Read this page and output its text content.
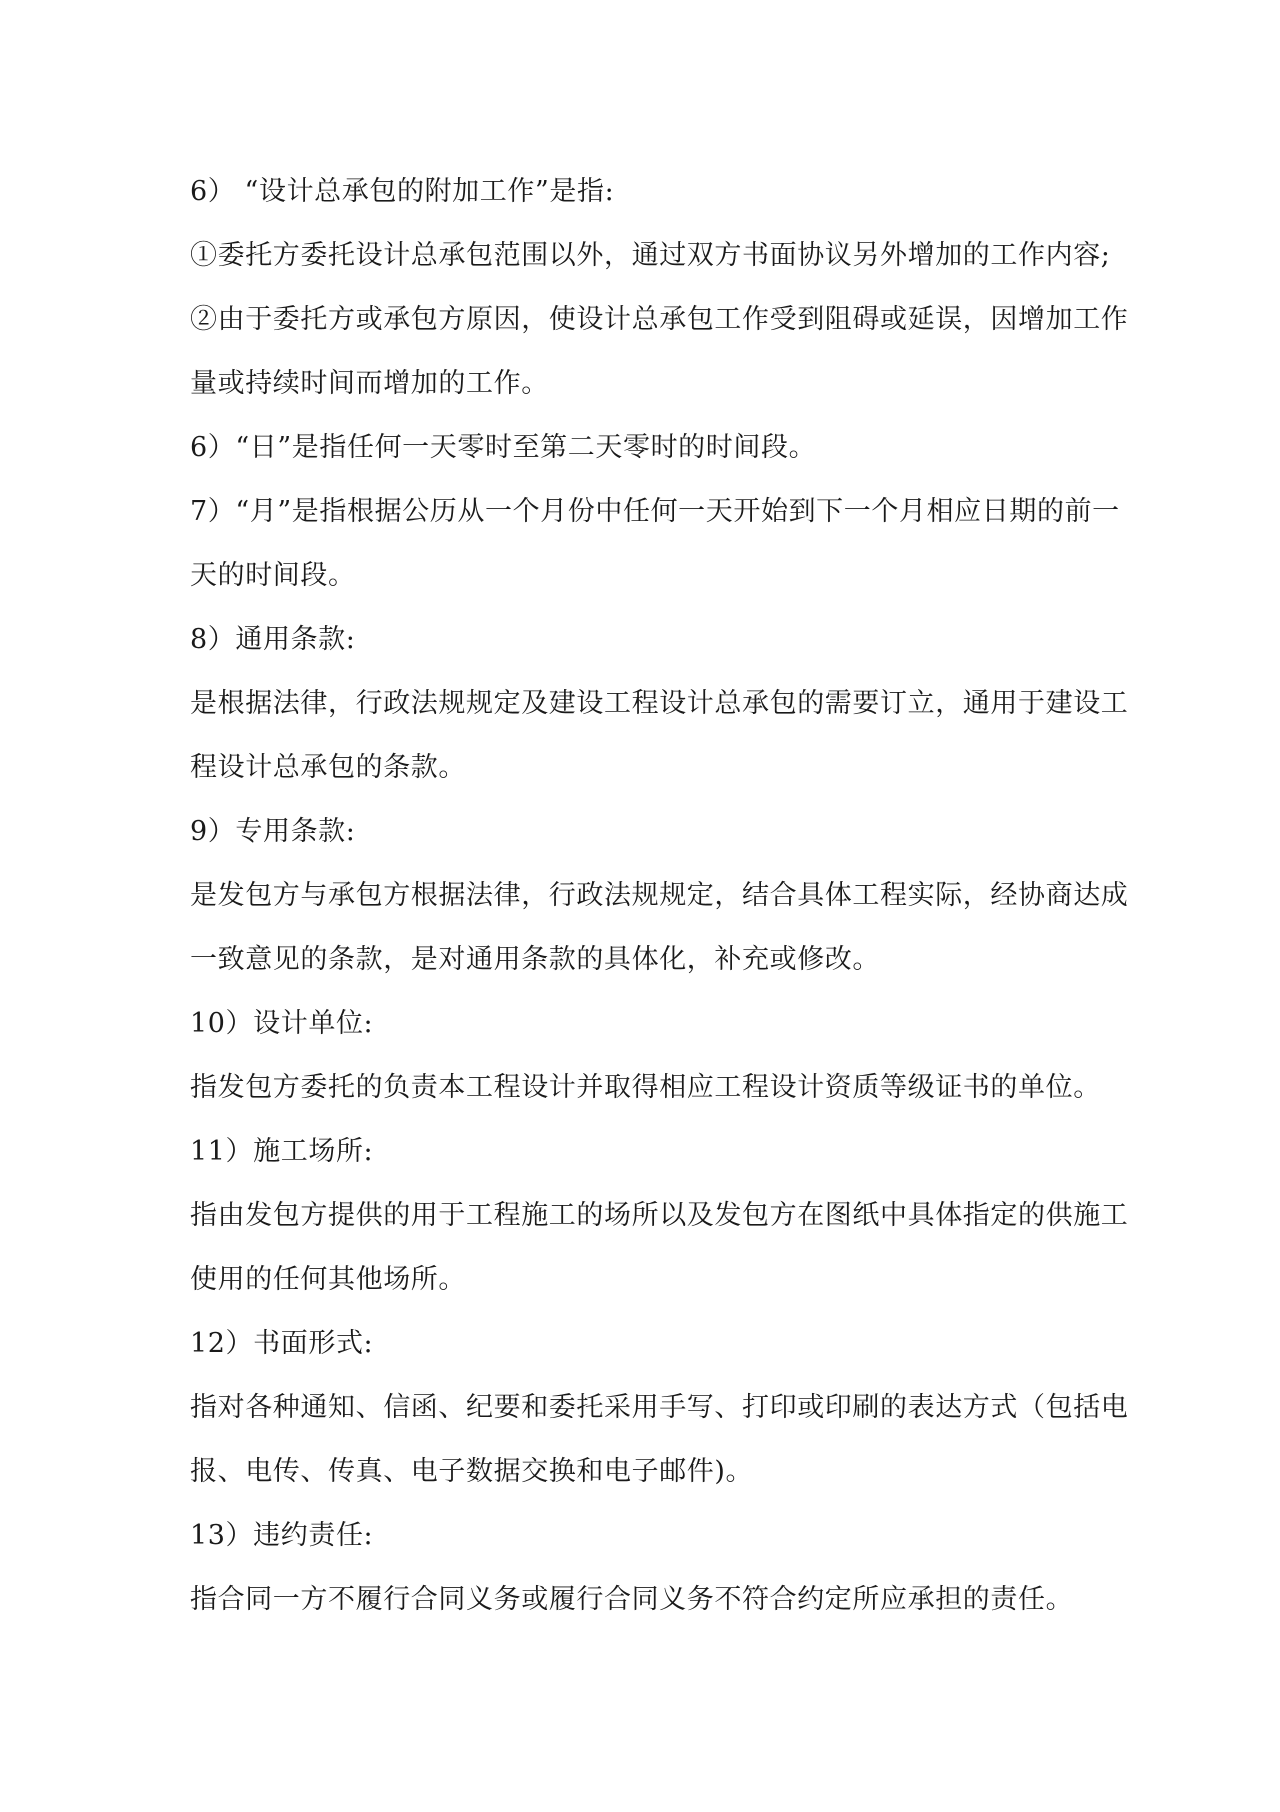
6） “设计总承包的附加工作”是指:
①委托方委托设计总承包范围以外，通过双方书面协议另外增加的工作内容;
②由于委托方或承包方原因，使设计总承包工作受到阻碍或延误，因增加工作
量或持续时间而增加的工作。
6）“日”是指任何一天零时至第二天零时的时间段。
7）“月”是指根据公历从一个月份中任何一天开始到下一个月相应日期的前一
天的时间段。
8）通用条款:
是根据法律，行政法规规定及建设工程设计总承包的需要订立，通用于建设工
程设计总承包的条款。
9）专用条款:
是发包方与承包方根据法律，行政法规规定，结合具体工程实际，经协商达成
一致意见的条款，是对通用条款的具体化，补充或修改。
10）设计单位:
指发包方委托的负责本工程设计并取得相应工程设计资质等级证书的单位。
11）施工场所:
指由发包方提供的用于工程施工的场所以及发包方在图纸中具体指定的供施工
使用的任何其他场所。
12）书面形式:
指对各种通知、信函、纪要和委托采用手写、打印或印刷的表达方式（包括电
报、电传、传真、电子数据交换和电子邮件)。
13）违约责任:
指合同一方不履行合同义务或履行合同义务不符合约定所应承担的责任。
